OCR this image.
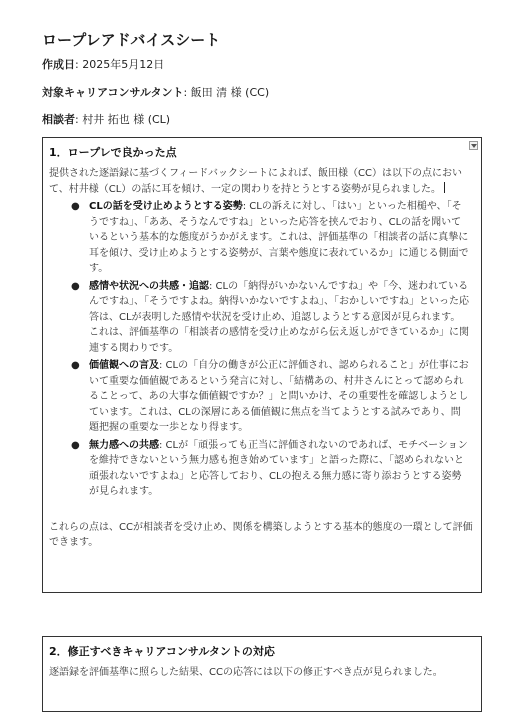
ロープレアドバイスシート
作成日: 2025年5月12日
対象キャリアコンサルタント: 飯田 清 様 (CC)
相談者: 村井 拓也 様 (CL)
1．ロープレで良かった点
提供された逐語録に基づくフィードバックシートによれば、飯田様（CC）は以下の点において、村井様（CL）の話に耳を傾け、一定の関わりを持とうとする姿勢が見られました。
● CLの話を受け止めようとする姿勢: CLの訴えに対し、「はい」といった相槌や、「そうですね」、「ああ、そうなんですね」といった応答を挟んでおり、CLの話を聞いているという基本的な態度がうかがえます。これは、評価基準の「相談者の話に真摯に耳を傾け、受け止めようとする姿勢が、言葉や態度に表れているか」に通じる側面です。
● 感情や状況への共感・追認: CLの「納得がいかないんですね」や「今、迷われているんですね」、「そうですよね。納得いかないですよね」、「おかしいですね」といった応答は、CLが表明した感情や状況を受け止め、追認しようとする意図が見られます。これは、評価基準の「相談者の感情を受け止めながら伝え返しができているか」に関連する関わりです。
● 価値観への言及: CLの「自分の働きが公正に評価され、認められること」が仕事において重要な価値観であるという発言に対し、「結構あの、村井さんにとって認められることって、あの大事な価値観ですか？」と問いかけ、その重要性を確認しようとしています。これは、CLの深層にある価値観に焦点を当てようとする試みであり、問題把握の重要な一歩となり得ます。
● 無力感への共感: CLが「頑張っても正当に評価されないのであれば、モチベーションを維持できないという無力感も抱き始めています」と語った際に、「認められないと頑張れないですよね」と応答しており、CLの抱える無力感に寄り添おうとする姿勢が見られます。
これらの点は、CCが相談者を受け止め、関係を構築しようとする基本的態度の一環として評価できます。
2．修正すべきキャリアコンサルタントの対応
逐語録を評価基準に照らした結果、CCの応答には以下の修正すべき点が見られました。
